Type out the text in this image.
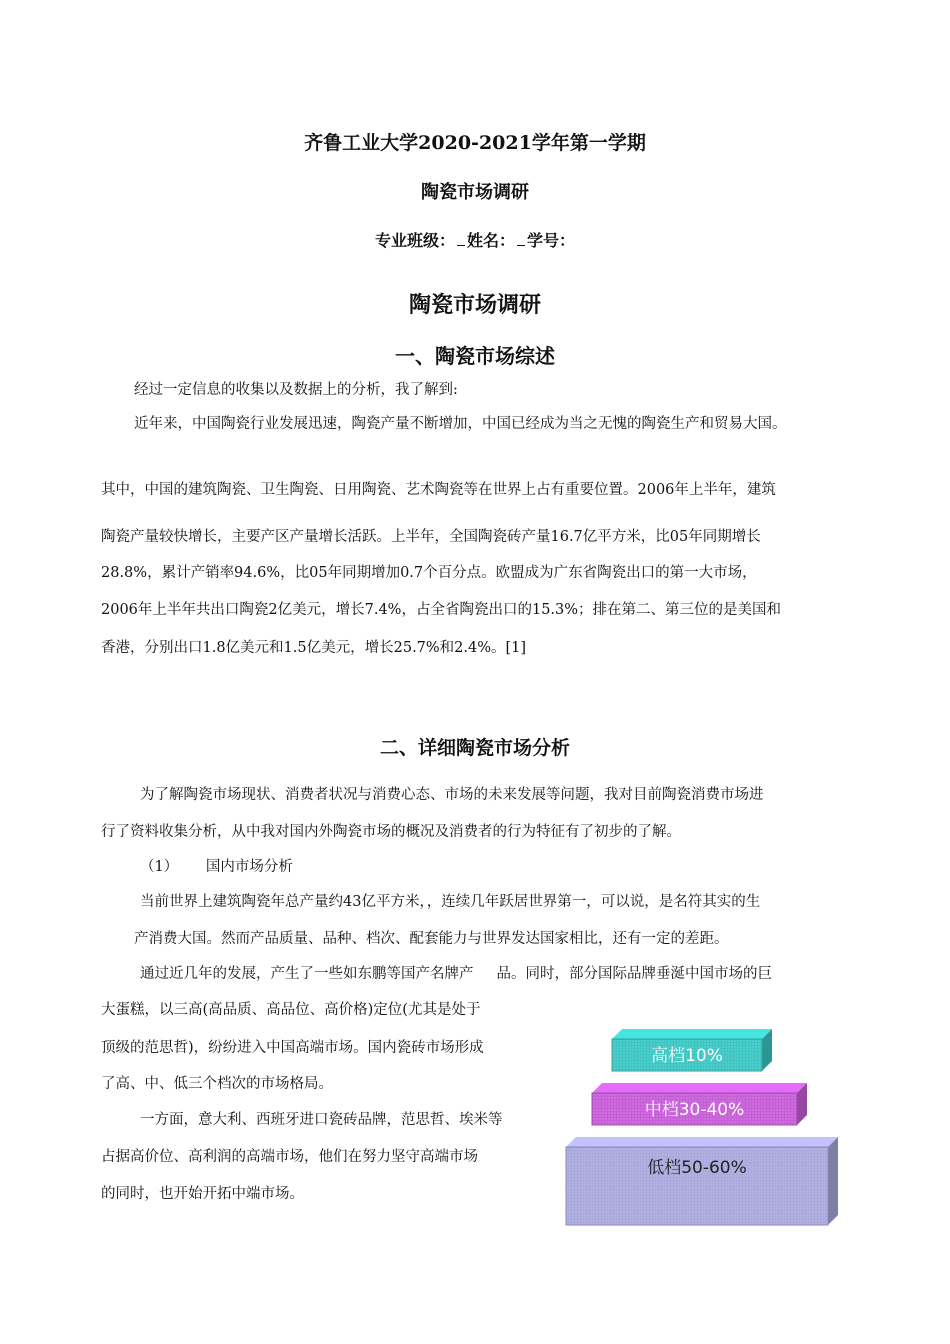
齐鲁工业大学2020-2021学年第一学期
陶瓷市场调研
专业班级： 姓名： 学号：
陶瓷市场调研
一、陶瓷市场综述
经过一定信息的收集以及数据上的分析，我了解到:
近年来，中国陶瓷行业发展迅速，陶瓷产量不断增加，中国已经成为当之无愧的陶瓷生产和贸易大国。
其中，中国的建筑陶瓷、卫生陶瓷、日用陶瓷、艺术陶瓷等在世界上占有重要位置。2006年上半年，建筑
陶瓷产量较快增长，主要产区产量增长活跃。上半年，全国陶瓷砖产量16.7亿平方米，比05年同期增长
28.8%，累计产销率94.6%，比05年同期增加0.7个百分点。欧盟成为广东省陶瓷出口的第一大市场，
2006年上半年共出口陶瓷2亿美元，增长7.4%，占全省陶瓷出口的15.3%；排在第二、第三位的是美国和
香港，分别出口1.8亿美元和1.5亿美元，增长25.7%和2.4%。[1]
二、详细陶瓷市场分析
为了解陶瓷市场现状、消费者状况与消费心态、市场的未来发展等问题，我对目前陶瓷消费市场进
行了资料收集分析，从中我对国内外陶瓷市场的概况及消费者的行为特征有了初步的了解。
（1）      国内市场分析
当前世界上建筑陶瓷年总产量约43亿平方米，，连续几年跃居世界第一，可以说，是名符其实的生
产消费大国。然而产品质量、品种、档次、配套能力与世界发达国家相比，还有一定的差距。
通过近几年的发展，产生了一些如东鹏等国产名牌产     品。同时，部分国际品牌垂涎中国市场的巨
大蛋糕，以三高(高品质、高品位、高价格)定位(尤其是处于
顶级的范思哲)，纷纷进入中国高端市场。国内瓷砖市场形成
了高、中、低三个档次的市场格局。
一方面，意大利、西班牙进口瓷砖品牌，范思哲、埃米等
占据高价位、高利润的高端市场，他们在努力坚守高端市场
的同时，也开始开拓中端市场。
高档10%
中档30-40%
低档50-60%
